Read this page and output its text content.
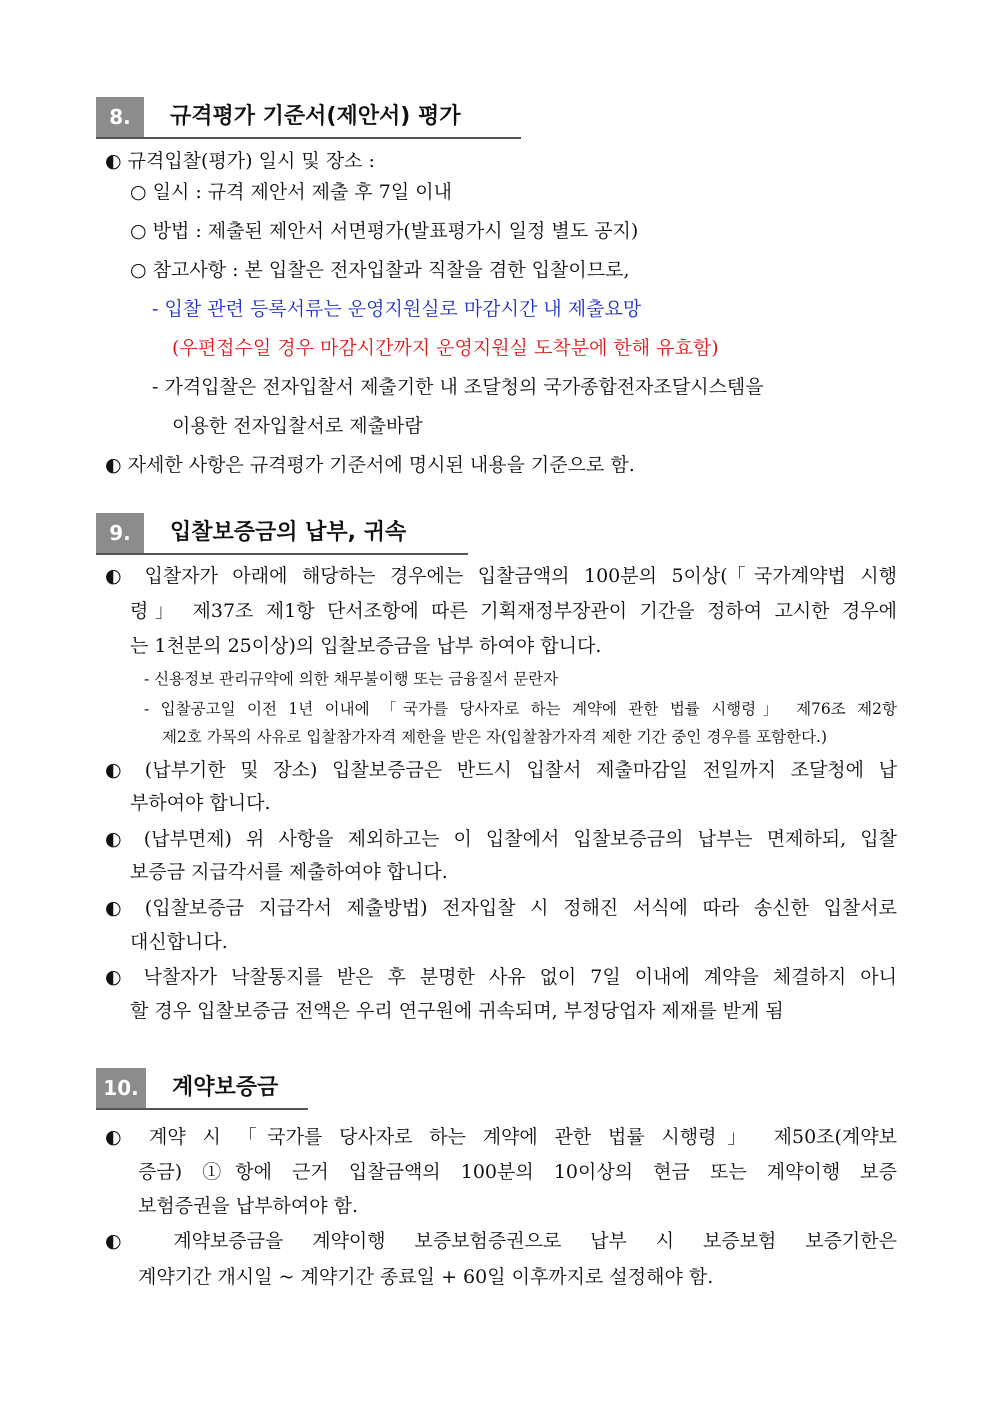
8.	규격평가 기준서(제안서) 평가
◐ 규격입찰(평가) 일시 및 장소 :
○ 일시 : 규격 제안서 제출 후 7일 이내
○ 방법 : 제출된 제안서 서면평가(발표평가시 일정 별도 공지)
○ 참고사항 : 본 입찰은 전자입찰과 직찰을 겸한 입찰이므로,
- 입찰 관련 등록서류는 운영지원실로 마감시간 내 제출요망
(우편접수일 경우 마감시간까지 운영지원실 도착분에 한해 유효함)
- 가격입찰은 전자입찰서 제출기한 내 조달청의 국가종합전자조달시스템을
이용한 전자입찰서로 제출바람
◐ 자세한 사항은 규격평가 기준서에 명시된 내용을 기준으로 함.
9.	입찰보증금의 납부, 귀속
◐ 입찰자가 아래에 해당하는 경우에는 입찰금액의 100분의 5이상(「국가계약법 시행
령」 제37조 제1항 단서조항에 따른 기획재정부장관이 기간을 정하여 고시한 경우에
는 1천분의 25이상)의 입찰보증금을 납부 하여야 합니다.
- 신용정보 관리규약에 의한 채무불이행 또는 금융질서 문란자
- 입찰공고일 이전 1년 이내에 「국가를 당사자로 하는 계약에 관한 법률 시행령」 제76조 제2항
제2호 가목의 사유로 입찰참가자격 제한을 받은 자(입찰참가자격 제한 기간 중인 경우를 포함한다.)
◐ (납부기한 및 장소) 입찰보증금은 반드시 입찰서 제출마감일 전일까지 조달청에 납
부하여야 합니다.
◐ (납부면제) 위 사항을 제외하고는 이 입찰에서 입찰보증금의 납부는 면제하되, 입찰
보증금 지급각서를 제출하여야 합니다.
◐ (입찰보증금 지급각서 제출방법) 전자입찰 시 정해진 서식에 따라 송신한 입찰서로
대신합니다.
◐ 낙찰자가 낙찰통지를 받은 후 분명한 사유 없이 7일 이내에 계약을 체결하지 아니
할 경우 입찰보증금 전액은 우리 연구원에 귀속되며, 부정당업자 제재를 받게 됨
10.	계약보증금
◐ 계약 시 「국가를 당사자로 하는 계약에 관한 법률 시행령」 제50조(계약보
증금) ①항에 근거 입찰금액의 100분의 10이상의 현금 또는 계약이행 보증
보험증권을 납부하여야 함.
◐ 계약보증금을 계약이행 보증보험증권으로 납부 시 보증보험 보증기한은
계약기간 개시일 ~ 계약기간 종료일 + 60일 이후까지로 설정해야 함.
